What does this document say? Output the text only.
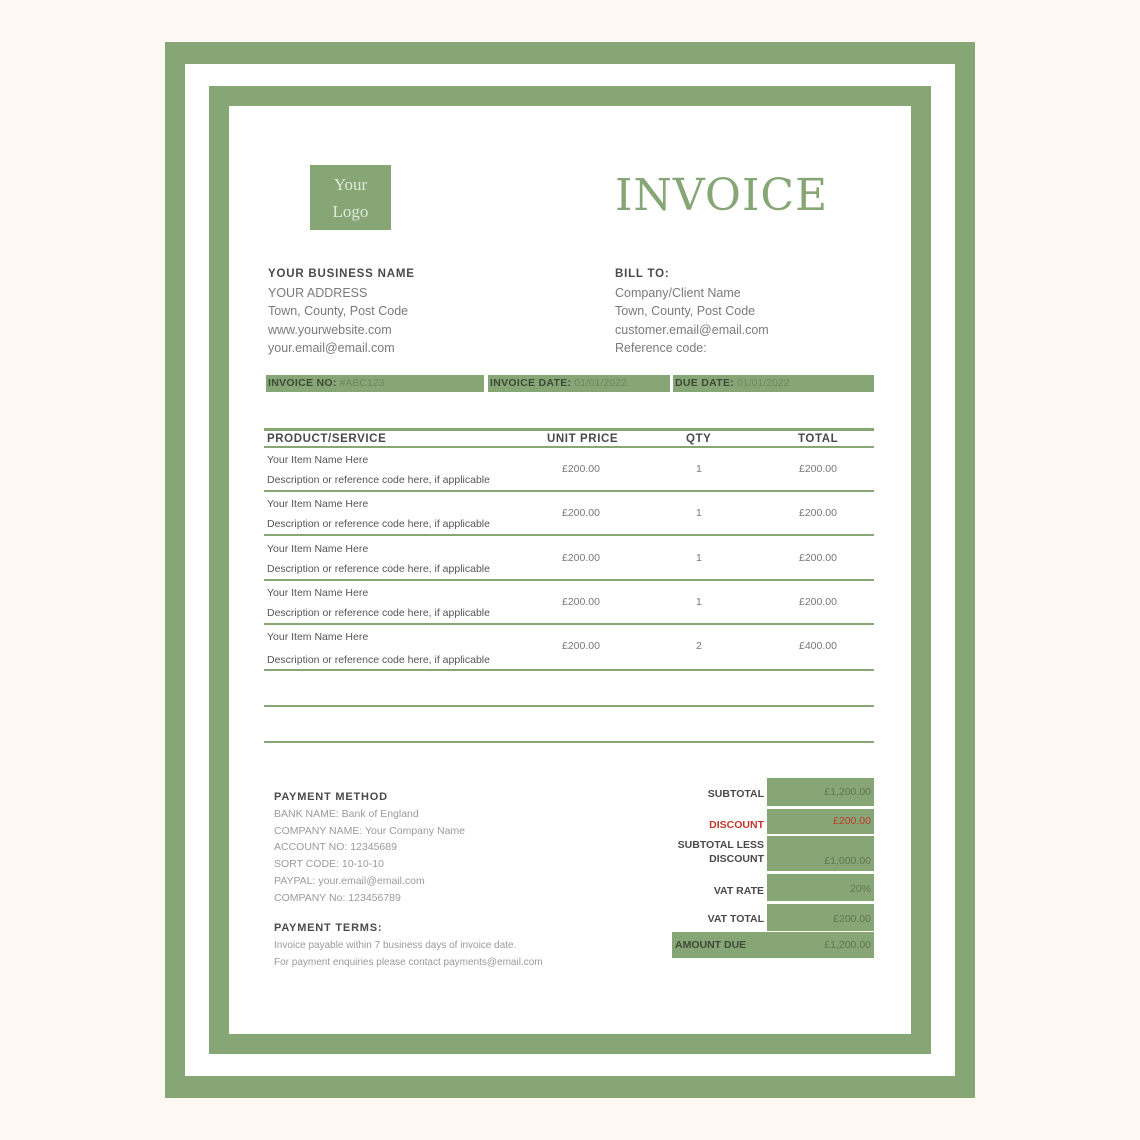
Your
Logo	INVOICE
YOUR BUSINESS NAME
YOUR ADDRESS
Town, County, Post Code
www.yourwebsite.com
your.email@email.com
BILL TO:
Company/Client Name
Town, County, Post Code
customer.email@email.com
Reference code:
INVOICE NO: #ABC123	INVOICE DATE: 01/01/2022	DUE DATE: 01/01/2022
PRODUCT/SERVICE	UNIT PRICE	QTY	TOTAL
Your Item Name Here
Description or reference code here, if applicable
£200.00	1	£200.00
Your Item Name Here
Description or reference code here, if applicable
£200.00	1	£200.00
Your Item Name Here
Description or reference code here, if applicable
£200.00	1	£200.00
Your Item Name Here
Description or reference code here, if applicable
£200.00	1	£200.00
Your Item Name Here
Description or reference code here, if applicable
£200.00	2	£400.00
PAYMENT METHOD
BANK NAME: Bank of England
COMPANY NAME: Your Company Name
ACCOUNT NO: 12345689
SORT CODE: 10-10-10
PAYPAL: your.email@email.com
COMPANY No: 123456789
PAYMENT TERMS:
Invoice payable within 7 business days of invoice date.
For payment enquiries please contact payments@email.com
SUBTOTAL	£1,200.00
DISCOUNT	£200.00
SUBTOTAL LESS
DISCOUNT	£1,000.00
VAT RATE	20%
VAT TOTAL	£200.00
AMOUNT DUE	£1,200.00
